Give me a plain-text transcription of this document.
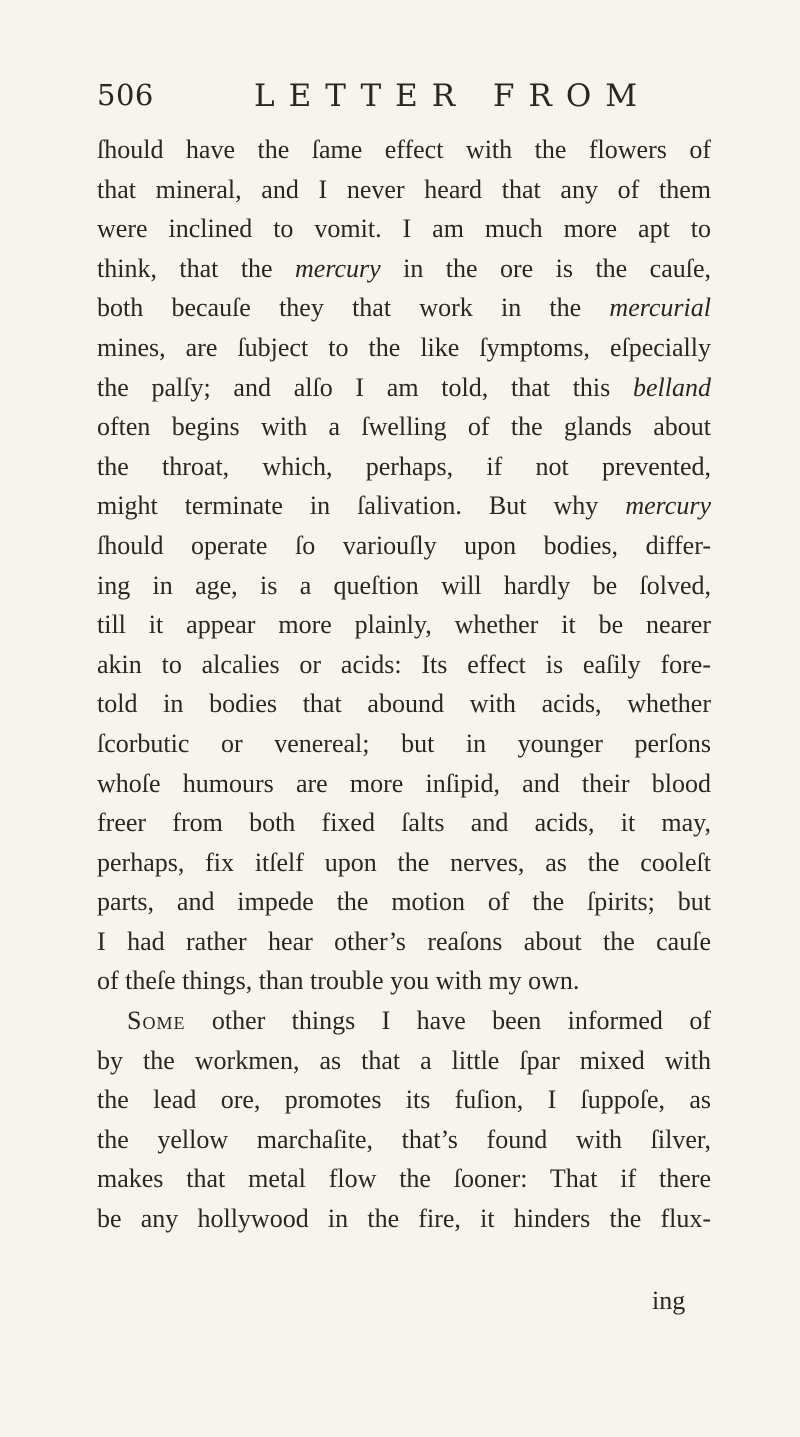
506	LETTER FROM
ſhould have the ſame effect with the flowers of
that mineral, and I never heard that any of them
were inclined to vomit. I am much more apt to
think, that the mercury in the ore is the cauſe,
both becauſe they that work in the mercurial
mines, are ſubject to the like ſymptoms, eſpecially
the palſy; and alſo I am told, that this belland
often begins with a ſwelling of the glands about
the throat, which, perhaps, if not prevented,
might terminate in ſalivation. But why mercury
ſhould operate ſo variouſly upon bodies, differ-
ing in age, is a queſtion will hardly be ſolved,
till it appear more plainly, whether it be nearer
akin to alcalies or acids: Its effect is eaſily fore-
told in bodies that abound with acids, whether
ſcorbutic or venereal; but in younger perſons
whoſe humours are more inſipid, and their blood
freer from both fixed ſalts and acids, it may,
perhaps, fix itſelf upon the nerves, as the cooleſt
parts, and impede the motion of the ſpirits; but
I had rather hear other’s reaſons about the cauſe
of theſe things, than trouble you with my own.
Some other things I have been informed of
by the workmen, as that a little ſpar mixed with
the lead ore, promotes its fuſion, I ſuppoſe, as
the yellow marchaſite, that’s found with ſilver,
makes that metal flow the ſooner: That if there
be any hollywood in the fire, it hinders the flux-
ing
